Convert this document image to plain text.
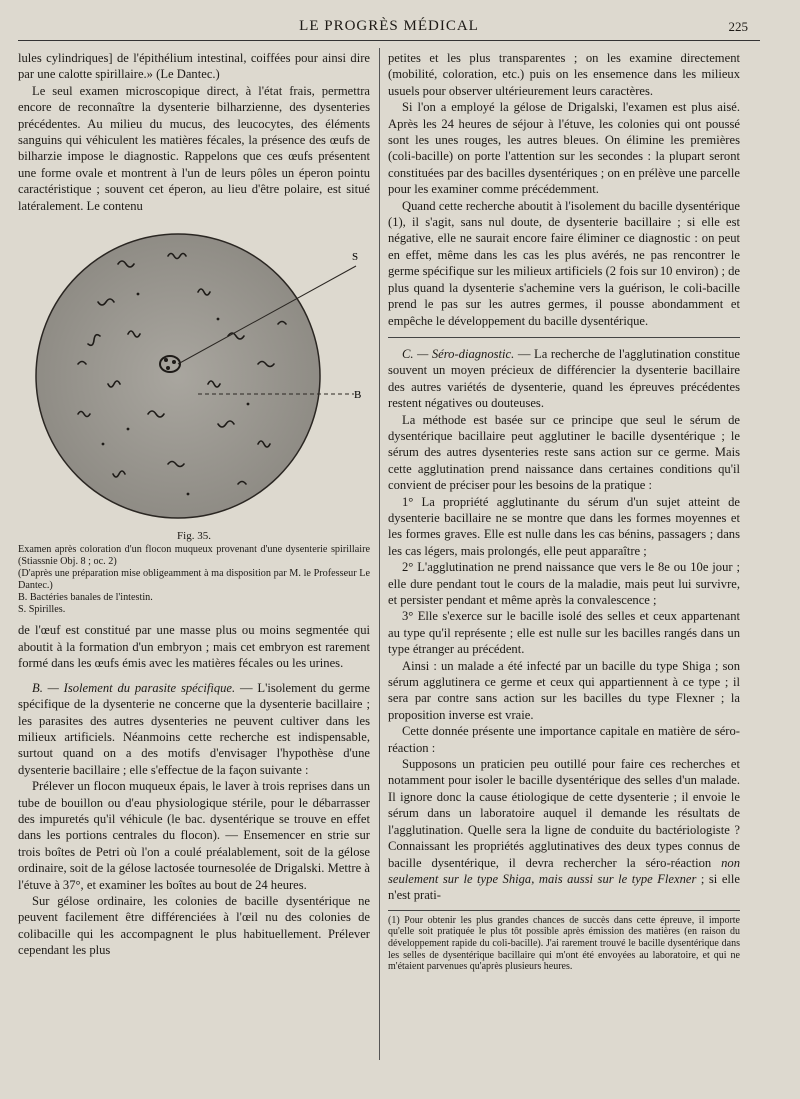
LE PROGRÈS MÉDICAL	225

lules cylindriques] de l'épithélium intestinal, coiffées pour ainsi dire par une calotte spirillaire.» (Le Dantec.)

Le seul examen microscopique direct, à l'état frais, permettra encore de reconnaître la dysenterie bilharzienne, des dysenteries précédentes. Au milieu du mucus, des leucocytes, des éléments sanguins qui véhiculent les matières fécales, la présence des œufs de bilharzie impose le diagnostic. Rappelons que ces œufs présentent une forme ovale et montrent à l'un de leurs pôles un éperon pointu caractéristique ; souvent cet éperon, au lieu d'être polaire, est situé latéralement. Le contenu

S
B
Fig. 35.
Examen après coloration d'un flocon muqueux provenant d'une dysenterie spirillaire (Stiassnie Obj. 8 ; oc. 2)
(D'après une préparation mise obligeamment à ma disposition par M. le Professeur Le Dantec.)
B. Bactéries banales de l'intestin.
S. Spirilles.

de l'œuf est constitué par une masse plus ou moins segmentée qui aboutit à la formation d'un embryon ; mais cet embryon est rarement formé dans les œufs émis avec les matières fécales ou les urines.

B. — Isolement du parasite spécifique. — L'isolement du germe spécifique de la dysenterie ne concerne que la dysenterie bacillaire ; les parasites des autres dysenteries ne peuvent cultiver dans les milieux artificiels. Néanmoins cette recherche est indispensable, surtout quand on a des motifs d'envisager l'hypothèse d'une dysenterie bacillaire ; elle s'effectue de la façon suivante :

Prélever un flocon muqueux épais, le laver à trois reprises dans un tube de bouillon ou d'eau physiologique stérile, pour le débarrasser des impuretés qu'il véhicule (le bac. dysentérique se trouve en effet dans les portions centrales du flocon). — Ensemencer en strie sur trois boîtes de Petri où l'on a coulé préalablement, soit de la gélose ordinaire, soit de la gélose lactosée tournesolée de Drigalski. Mettre à l'étuve à 37°, et examiner les boîtes au bout de 24 heures.

Sur gélose ordinaire, les colonies de bacille dysentérique ne peuvent facilement être différenciées à l'œil nu des colonies de colibacille qui les accompagnent le plus habituellement. Prélever cependant les plus

petites et les plus transparentes ; on les examine directement (mobilité, coloration, etc.) puis on les ensemence dans les milieux usuels pour observer ultérieurement leurs caractères.

Si l'on a employé la gélose de Drigalski, l'examen est plus aisé. Après les 24 heures de séjour à l'étuve, les colonies qui ont poussé sont les unes rouges, les autres bleues. On élimine les premières (coli-bacille) on porte l'attention sur les secondes : la plupart seront constituées par des bacilles dysentériques ; on en prélève une parcelle pour les examiner comme précédemment.

Quand cette recherche aboutit à l'isolement du bacille dysentérique (1), il s'agit, sans nul doute, de dysenterie bacillaire ; si elle est négative, elle ne saurait encore faire éliminer ce diagnostic : on peut en effet, même dans les cas les plus avérés, ne pas rencontrer le germe spécifique sur les milieux artificiels (2 fois sur 10 environ) ; de plus quand la dysenterie s'achemine vers la guérison, le coli-bacille prend le pas sur les autres germes, il pousse abondamment et empêche le développement du bacille dysentérique.

C. — Séro-diagnostic. — La recherche de l'agglutination constitue souvent un moyen précieux de différencier la dysenterie bacillaire des autres variétés de dysenterie, quand les épreuves précédentes restent négatives ou douteuses.

La méthode est basée sur ce principe que seul le sérum de dysentérique bacillaire peut agglutiner le bacille dysentérique ; le sérum des autres dysenteries reste sans action sur ce germe. Mais cette agglutination prend naissance dans certaines conditions qu'il convient de préciser pour les besoins de la pratique :

1° La propriété agglutinante du sérum d'un sujet atteint de dysenterie bacillaire ne se montre que dans les formes moyennes et les formes graves. Elle est nulle dans les cas bénins, passagers ; dans les cas légers, mais prolongés, elle peut apparaître ;

2° L'agglutination ne prend naissance que vers le 8e ou 10e jour ; elle dure pendant tout le cours de la maladie, mais peut lui survivre, et persister pendant et même après la convalescence ;

3° Elle s'exerce sur le bacille isolé des selles et ceux appartenant au type qu'il représente ; elle est nulle sur les bacilles rangés dans un type étranger au précédent.

Ainsi : un malade a été infecté par un bacille du type Shiga ; son sérum agglutinera ce germe et ceux qui appartiennent à ce type ; il sera par contre sans action sur les bacilles du type Flexner ; la proposition inverse est vraie.

Cette donnée présente une importance capitale en matière de séro-réaction :

Supposons un praticien peu outillé pour faire ces recherches et notamment pour isoler le bacille dysentérique des selles d'un malade. Il ignore donc la cause étiologique de cette dysenterie ; il envoie le sérum dans un laboratoire auquel il demande les résultats de l'agglutination. Quelle sera la ligne de conduite du bactériologiste ? Connaissant les propriétés agglutinatives des deux types connus de bacille dysentérique, il devra rechercher la séro-réaction non seulement sur le type Shiga, mais aussi sur le type Flexner ; si elle n'est prati-

(1) Pour obtenir les plus grandes chances de succès dans cette épreuve, il importe qu'elle soit pratiquée le plus tôt possible après émission des matières (en raison du développement rapide du coli-bacille). J'ai rarement trouvé le bacille dysentérique dans les selles de dysentérique bacillaire qui m'ont été envoyées au laboratoire, et qui ne m'étaient parvenues qu'après plusieurs heures.
